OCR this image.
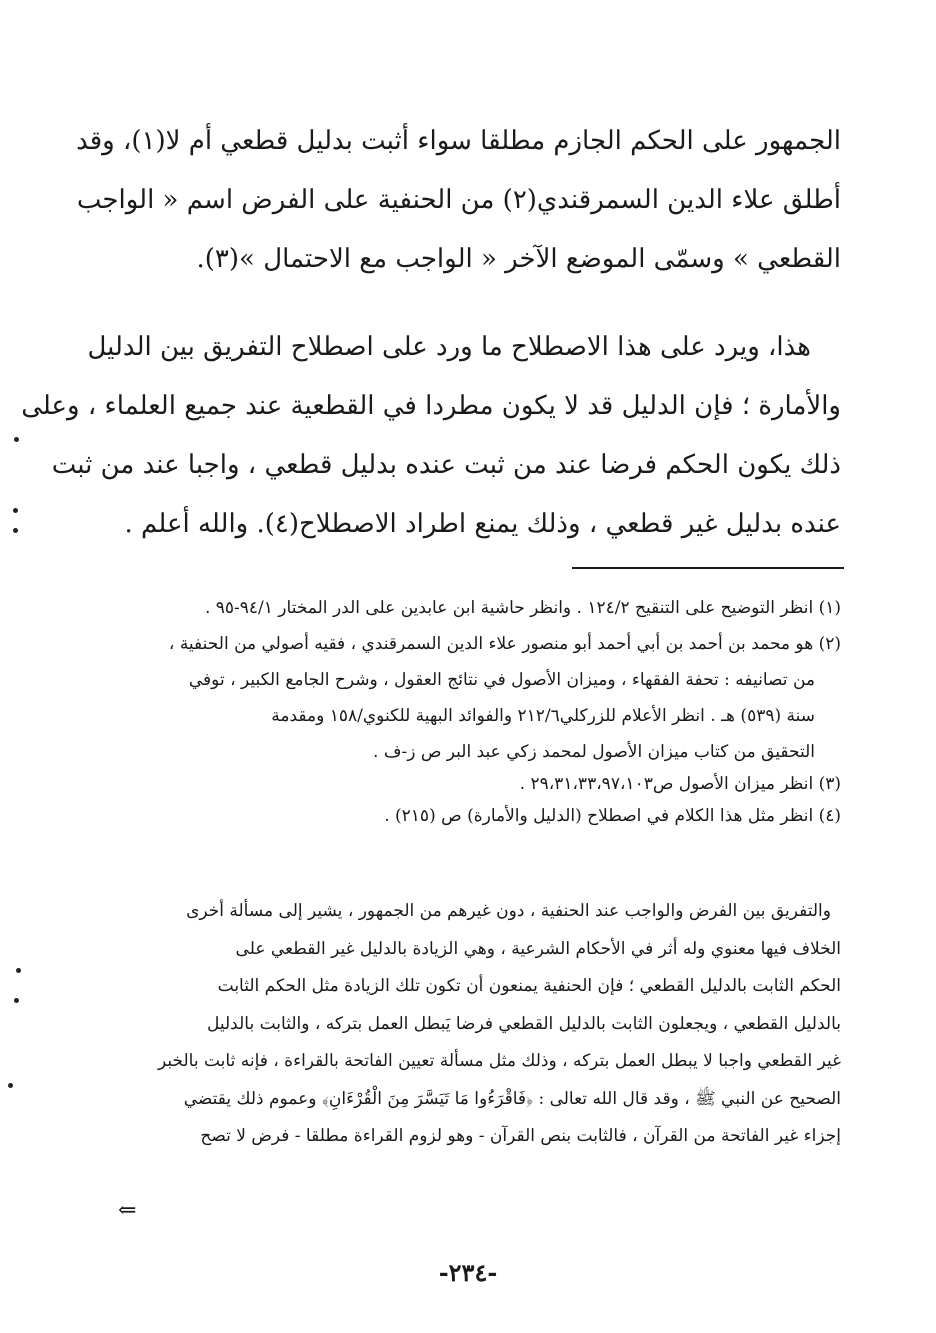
الجمهور على الحكم الجازم مطلقا سواء أثبت بدليل قطعي أم لا(١)، وقد
أطلق علاء الدين السمرقندي(٢) من الحنفية على الفرض اسم « الواجب
القطعي » وسمّى الموضع الآخر « الواجب مع الاحتمال »(٣).

هذا، ويرد على هذا الاصطلاح ما ورد على اصطلاح التفريق بين الدليل
والأمارة ؛ فإن الدليل قد لا يكون مطردا في القطعية عند جميع العلماء ، وعلى
ذلك يكون الحكم فرضا عند من ثبت عنده بدليل قطعي ، واجبا عند من ثبت
عنده بدليل غير قطعي ، وذلك يمنع اطراد الاصطلاح(٤). والله أعلم .

(١) انظر التوضيح على التنقيح ١٢٤/٢ . وانظر حاشية ابن عابدين على الدر المختار ٩٤/١-٩٥ .
(٢) هو محمد بن أحمد بن أبي أحمد أبو منصور علاء الدين السمرقندي ، فقيه أصولي من الحنفية ،
من تصانيفه : تحفة الفقهاء ، وميزان الأصول في نتائج العقول ، وشرح الجامع الكبير ، توفي
سنة (٥٣٩) هـ . انظر الأعلام للزركلي٢١٢/٦ والفوائد البهية للكنوي/١٥٨ ومقدمة
التحقيق من كتاب ميزان الأصول لمحمد زكي عبد البر ص ز-ف .
(٣) انظر ميزان الأصول ص٢٩،٣١،٣٣،٩٧،١٠٣ .
(٤) انظر مثل هذا الكلام في اصطلاح (الدليل والأمارة) ص (٢١٥) .
والتفريق بين الفرض والواجب عند الحنفية ، دون غيرهم من الجمهور ، يشير إلى مسألة أخرى
الخلاف فيها معنوي وله أثر في الأحكام الشرعية ، وهي الزيادة بالدليل غير القطعي على
الحكم الثابت بالدليل القطعي ؛ فإن الحنفية يمنعون أن تكون تلك الزيادة مثل الحكم الثابت
بالدليل القطعي ، ويجعلون الثابت بالدليل القطعي فرضا يَبطل العمل بتركه ، والثابت بالدليل
غير القطعي واجبا لا يبطل العمل بتركه ، وذلك مثل مسألة تعيين الفاتحة بالقراءة ، فإنه ثابت بالخبر
الصحيح عن النبي ﷺ ، وقد قال الله تعالى : ﴿فَاقْرَءُوا مَا تَيَسَّرَ مِنَ الْقُرْءَانِ﴾ وعموم ذلك يقتضي
إجزاء غير الفاتحة من القرآن ، فالثابت بنص القرآن - وهو لزوم القراءة مطلقا - فرض لا تصح
⇐
-٢٣٤-
